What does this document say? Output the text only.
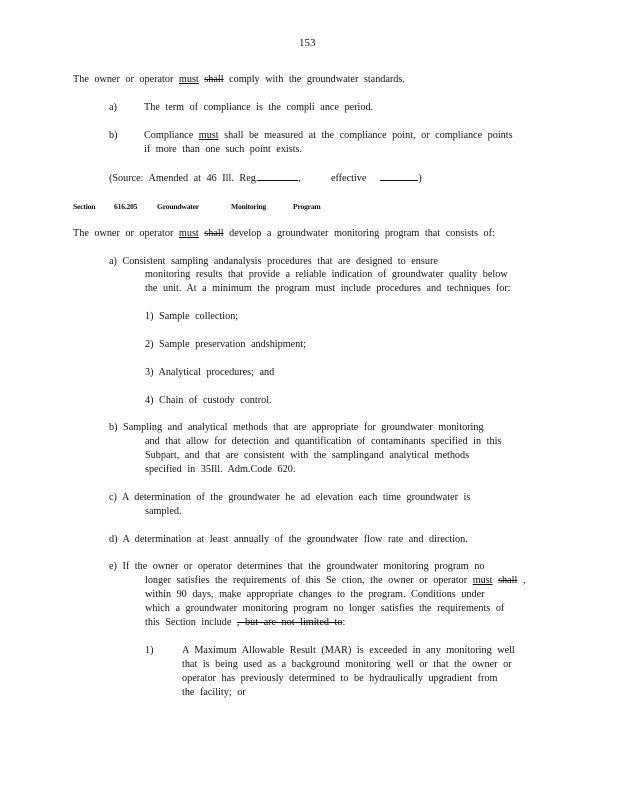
153
The owner or operator must shall comply with the groundwater standards.
a)	The term of compliance is the compli ance period.
b)	Compliance must shall be measured at the compliance point, or compliance points
if more than one such point exists.
(Source: Amended at 46 Ill. Reg.	,	effective	)
Section 616.205	Groundwater	Monitoring	Program
The owner or operator must shall develop a groundwater monitoring program that consists of:
a) Consistent sampling andanalysis procedures that are designed to ensure
monitoring results that provide a reliable indication of groundwater quality below
the unit. At a minimum the program must include procedures and techniques for:
1) Sample collection;
2) Sample preservation andshipment;
3) Analytical procedures; and
4) Chain of custody control.
b) Sampling and analytical methods that are appropriate for groundwater monitoring
and that allow for detection and quantification of contaminants specified in this
Subpart, and that are consistent with the samplingand analytical methods
specified in 35Ill. Adm.Code 620.
c) A determination of the groundwater he ad elevation each time groundwater is
sampled.
d) A determination at least annually of the groundwater flow rate and direction.
e) If the owner or operator determines that the groundwater monitoring program no
longer satisfies the requirements of this Se ction, the owner or operator must shall ,
within 90 days, make appropriate changes to the program. Conditions under
which a groundwater monitoring program no longer satisfies the requirements of
this Section include , but are not limited to:
1)	A Maximum Allowable Result (MAR) is exceeded in any monitoring well
that is being used as a background monitoring well or that the owner or
operator has previously determined to be hydraulically upgradient from
the facility; or
